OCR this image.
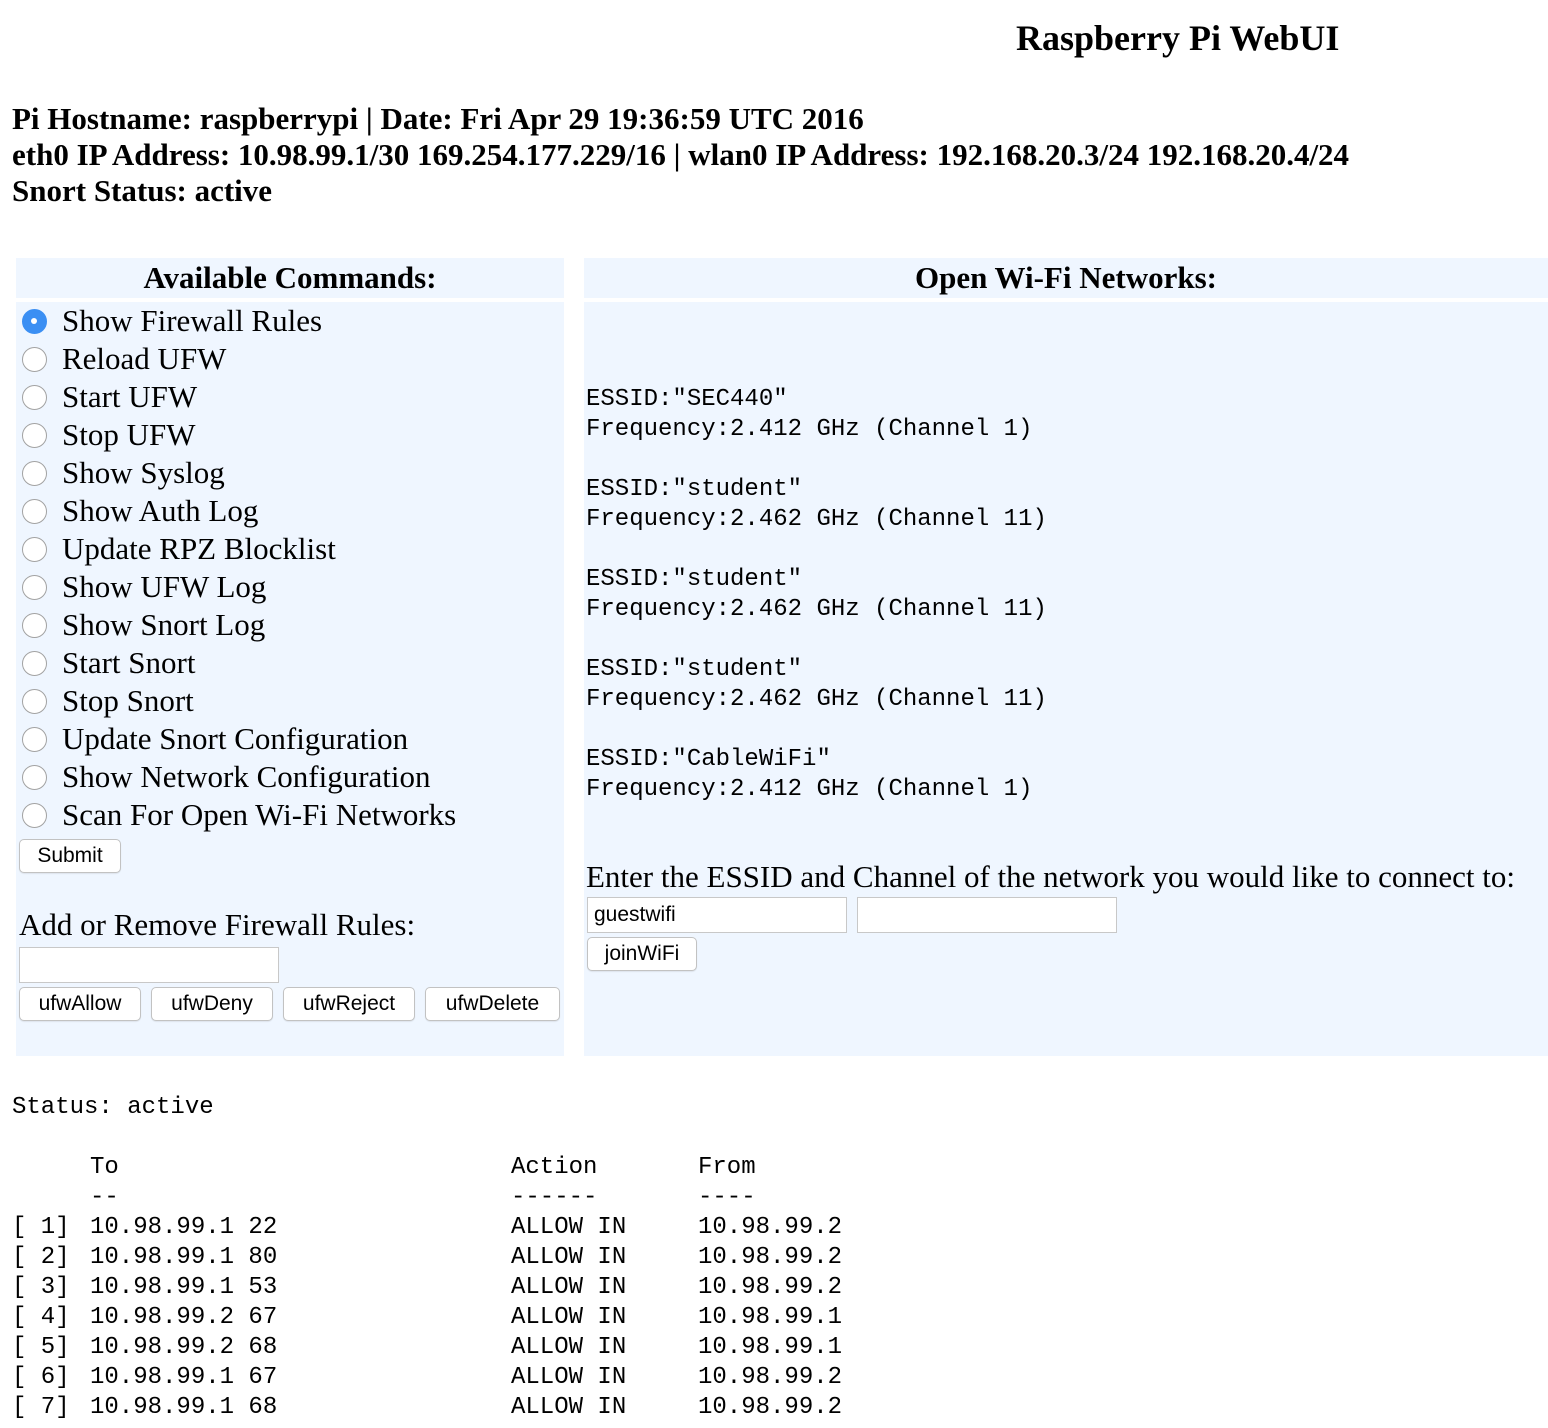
Raspberry Pi WebUI
Pi Hostname: raspberrypi | Date: Fri Apr 29 19:36:59 UTC 2016
eth0 IP Address: 10.98.99.1/30 169.254.177.229/16 | wlan0 IP Address: 192.168.20.3/24 192.168.20.4/24
Snort Status: active
Available Commands:
Show Firewall Rules
Reload UFW
Start UFW
Stop UFW
Show Syslog
Show Auth Log
Update RPZ Blocklist
Show UFW Log
Show Snort Log
Start Snort
Stop Snort
Update Snort Configuration
Show Network Configuration
Scan For Open Wi-Fi Networks
Submit
Add or Remove Firewall Rules:
ufwAllow	ufwDeny	ufwReject	ufwDelete
Open Wi-Fi Networks:
ESSID:"SEC440"
Frequency:2.412 GHz (Channel 1)
ESSID:"student"
Frequency:2.462 GHz (Channel 11)
ESSID:"student"
Frequency:2.462 GHz (Channel 11)
ESSID:"student"
Frequency:2.462 GHz (Channel 11)
ESSID:"CableWiFi"
Frequency:2.412 GHz (Channel 1)
Enter the ESSID and Channel of the network you would like to connect to:
guestwifi
joinWiFi
Status: active
To	Action	From
--	------	----
[ 1] 10.98.99.1 22	ALLOW IN	10.98.99.2
[ 2] 10.98.99.1 80	ALLOW IN	10.98.99.2
[ 3] 10.98.99.1 53	ALLOW IN	10.98.99.2
[ 4] 10.98.99.2 67	ALLOW IN	10.98.99.1
[ 5] 10.98.99.2 68	ALLOW IN	10.98.99.1
[ 6] 10.98.99.1 67	ALLOW IN	10.98.99.2
[ 7] 10.98.99.1 68	ALLOW IN	10.98.99.2
